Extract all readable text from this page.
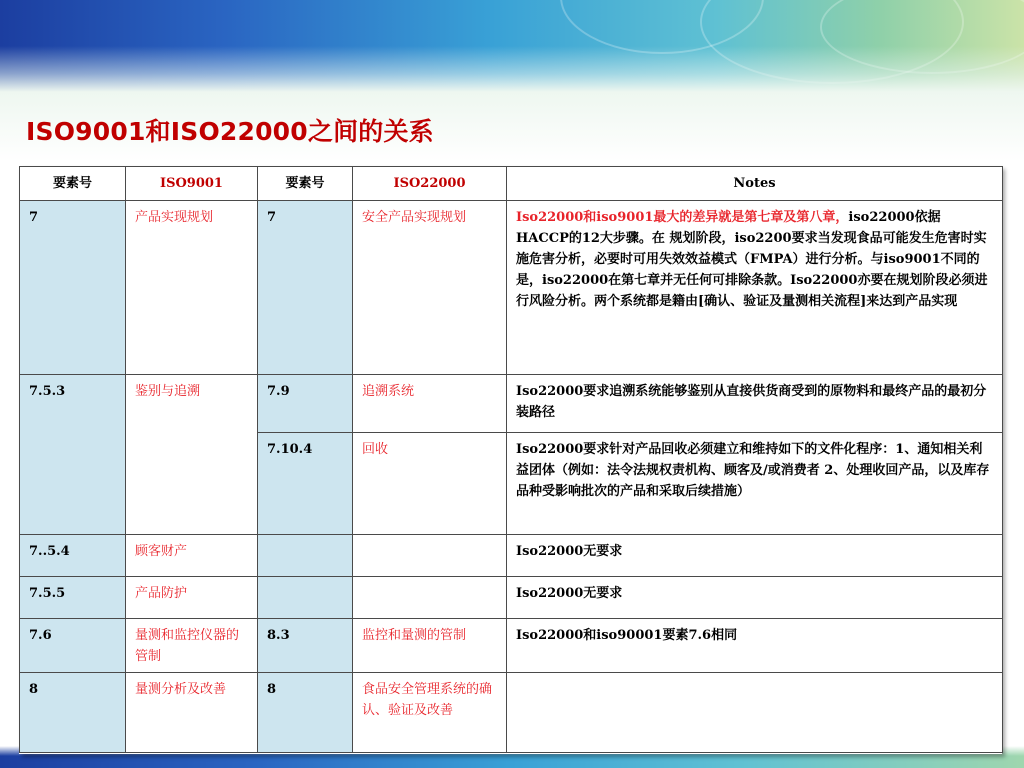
ISO9001和ISO22000之间的关系
要素号	ISO9001	要素号	ISO22000	Notes
7	产品实现规划	7	安全产品实现规划	Iso22000和iso9001最大的差异就是第七章及第八章，iso22000依据HACCP的12大步骤。在 规划阶段，iso2200要求当发现食品可能发生危害时实施危害分析，必要时可用失效效益模式（FMPA）进行分析。与iso9001不同的是，iso22000在第七章并无任何可排除条款。Iso22000亦要在规划阶段必须进行风险分析。两个系统都是籍由[确认、验证及量测相关流程]来达到产品实现
7.5.3	鉴别与追溯	7.9	追溯系统	Iso22000要求追溯系统能够鉴别从直接供货商受到的原物料和最终产品的最初分装路径
		7.10.4	回收	Iso22000要求针对产品回收必须建立和维持如下的文件化程序：1、通知相关利益团体（例如：法令法规权责机构、顾客及/或消费者 2、处理收回产品，以及库存品种受影响批次的产品和采取后续措施）
7..5.4	顾客财产			Iso22000无要求
7.5.5	产品防护			Iso22000无要求
7.6	量测和监控仪器的管制	8.3	监控和量测的管制	Iso22000和iso90001要素7.6相同
8	量测分析及改善	8	食品安全管理系统的确认、验证及改善	
